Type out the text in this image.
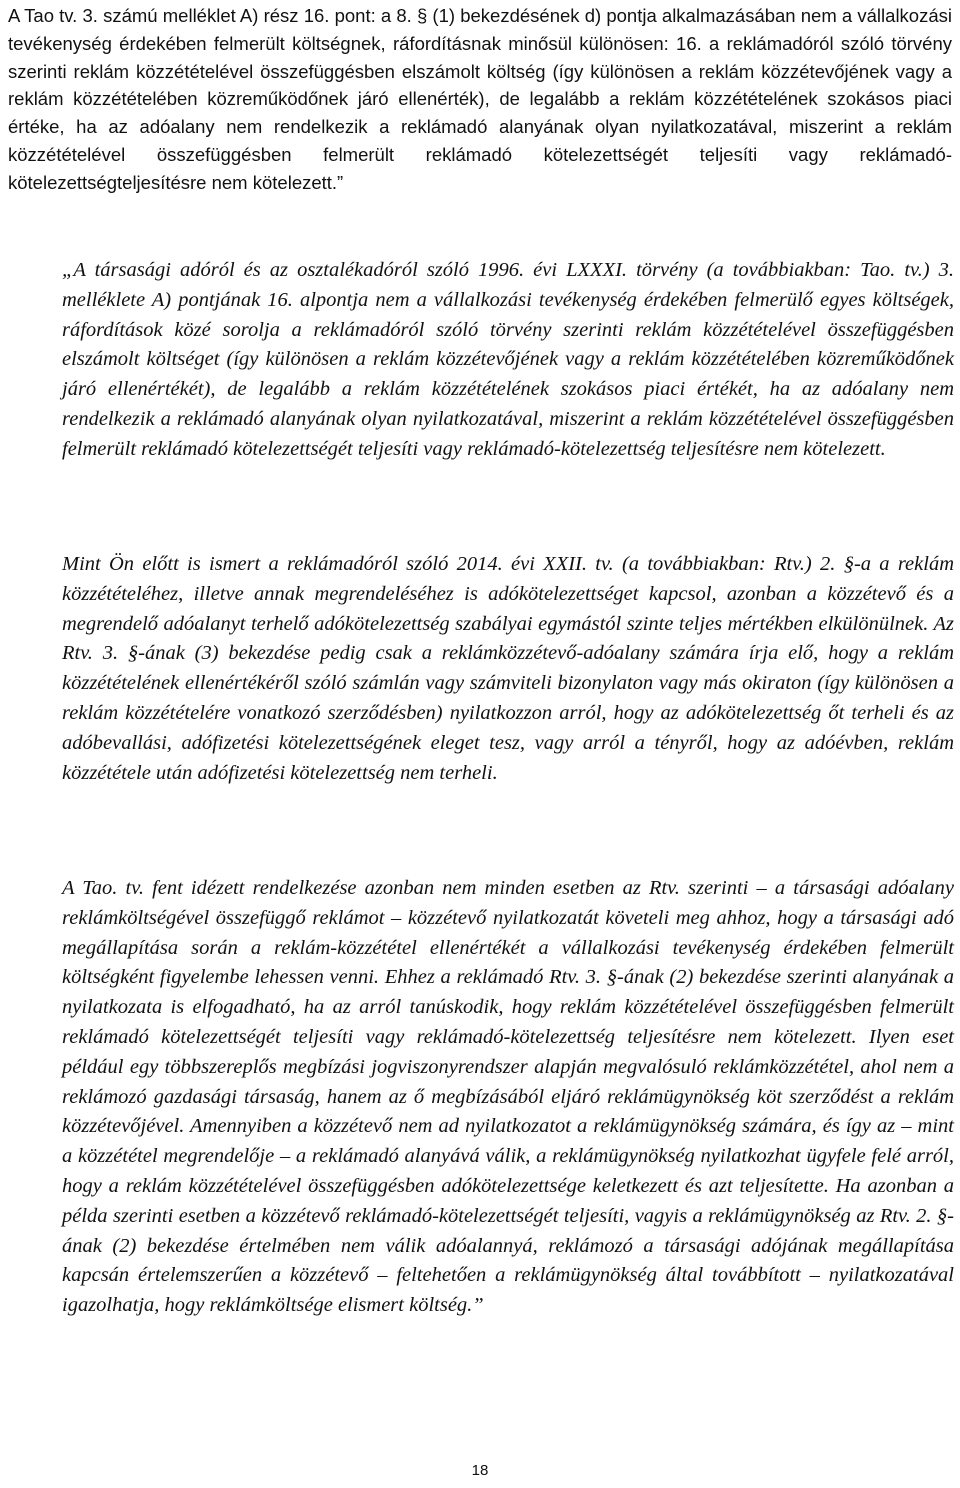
A Tao tv. 3. számú melléklet A) rész 16. pont: a 8. § (1) bekezdésének d) pontja alkalmazásában nem a vállalkozási tevékenység érdekében felmerült költségnek, ráfordításnak minősül különösen: 16. a reklámadóról szóló törvény szerinti reklám közzétételével összefüggésben elszámolt költség (így különösen a reklám közzétevőjének vagy a reklám közzétételében közreműködőnek járó ellenérték), de legalább a reklám közzétételének szokásos piaci értéke, ha az adóalany nem rendelkezik a reklámadó alanyának olyan nyilatkozatával, miszerint a reklám közzétételével összefüggésben felmerült reklámadó kötelezettségét teljesíti vagy reklámadó-kötelezettségteljesítésre nem kötelezett.”

„A társasági adóról és az osztalékadóról szóló 1996. évi LXXXI. törvény (a továbbiakban: Tao. tv.) 3. melléklete A) pontjának 16. alpontja nem a vállalkozási tevékenység érdekében felmerülő egyes költségek, ráfordítások közé sorolja a reklámadóról szóló törvény szerinti reklám közzétételével összefüggésben elszámolt költséget (így különösen a reklám közzétevőjének vagy a reklám közzétételében közreműködőnek járó ellenértékét), de legalább a reklám közzétételének szokásos piaci értékét, ha az adóalany nem rendelkezik a reklámadó alanyának olyan nyilatkozatával, miszerint a reklám közzétételével összefüggésben felmerült reklámadó kötelezettségét teljesíti vagy reklámadó-kötelezettség teljesítésre nem kötelezett.

Mint Ön előtt is ismert a reklámadóról szóló 2014. évi XXII. tv. (a továbbiakban: Rtv.) 2. §-a a reklám közzétételéhez, illetve annak megrendeléséhez is adókötelezettséget kapcsol, azonban a közzétevő és a megrendelő adóalanyt terhelő adókötelezettség szabályai egymástól szinte teljes mértékben elkülönülnek. Az Rtv. 3. §-ának (3) bekezdése pedig csak a reklámközzétevő-adóalany számára írja elő, hogy a reklám közzétételének ellenértékéről szóló számlán vagy számviteli bizonylaton vagy más okiraton (így különösen a reklám közzétételére vonatkozó szerződésben) nyilatkozzon arról, hogy az adókötelezettség őt terheli és az adóbevallási, adófizetési kötelezettségének eleget tesz, vagy arról a tényről, hogy az adóévben, reklám közzététele után adófizetési kötelezettség nem terheli.

A Tao. tv. fent idézett rendelkezése azonban nem minden esetben az Rtv. szerinti – a társasági adóalany reklámköltségével összefüggő reklámot – közzétevő nyilatkozatát követeli meg ahhoz, hogy a társasági adó megállapítása során a reklám-közzététel ellenértékét a vállalkozási tevékenység érdekében felmerült költségként figyelembe lehessen venni. Ehhez a reklámadó Rtv. 3. §-ának (2) bekezdése szerinti alanyának a nyilatkozata is elfogadható, ha az arról tanúskodik, hogy reklám közzétételével összefüggésben felmerült reklámadó kötelezettségét teljesíti vagy reklámadó-kötelezettség teljesítésre nem kötelezett. Ilyen eset például egy többszereplős megbízási jogviszonyrendszer alapján megvalósuló reklámközzététel, ahol nem a reklámozó gazdasági társaság, hanem az ő megbízásából eljáró reklámügynökség köt szerződést a reklám közzétevőjével. Amennyiben a közzétevő nem ad nyilatkozatot a reklámügynökség számára, és így az – mint a közzététel megrendelője – a reklámadó alanyává válik, a reklámügynökség nyilatkozhat ügyfele felé arról, hogy a reklám közzétételével összefüggésben adókötelezettsége keletkezett és azt teljesítette. Ha azonban a példa szerinti esetben a közzétevő reklámadó-kötelezettségét teljesíti, vagyis a reklámügynökség az Rtv. 2. §-ának (2) bekezdése értelmében nem válik adóalannyá, reklámozó a társasági adójának megállapítása kapcsán értelemszerűen a közzétevő – feltehetően a reklámügynökség által továbbított – nyilatkozatával igazolhatja, hogy reklámköltsége elismert költség.”

18
